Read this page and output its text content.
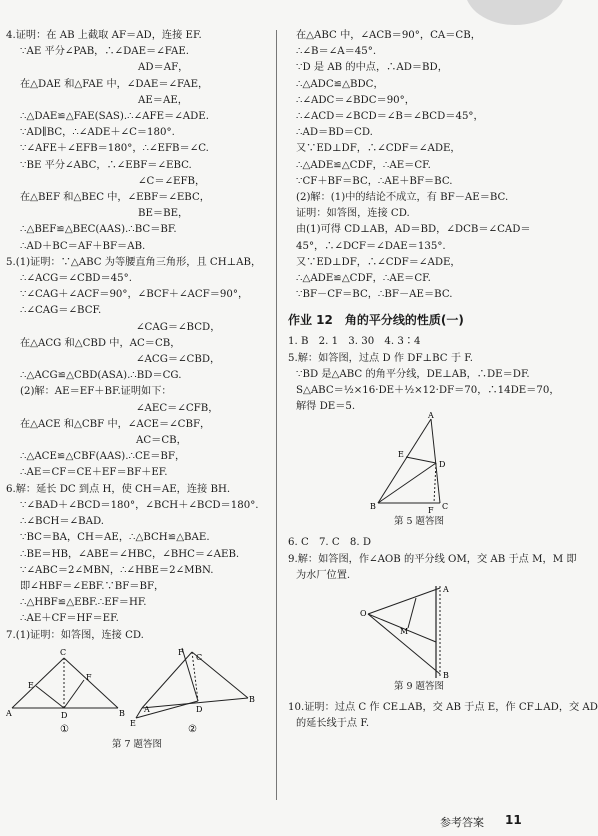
4.证明：在 AB 上截取 AF＝AD，连接 EF.
∵AE 平分∠PAB，∴∠DAE＝∠FAE.
AD＝AF，
在△DAE 和△FAE 中，∠DAE＝∠FAE，
AE＝AE，
∴△DAE≌△FAE(SAS).∴∠AFE＝∠ADE.
∵AD∥BC，∴∠ADE＋∠C＝180°.
∵∠AFE＋∠EFB＝180°，∴∠EFB＝∠C.
∵BE 平分∠ABC，∴∠EBF＝∠EBC.
∠C＝∠EFB，
在△BEF 和△BEC 中，∠EBF＝∠EBC，
BE＝BE，
∴△BEF≌△BEC(AAS).∴BC＝BF.
∴AD＋BC＝AF＋BF＝AB.
5.(1)证明：∵△ABC 为等腰直角三角形，且 CH⊥AB，
∴∠ACG＝∠CBD＝45°.
∵∠CAG＋∠ACF＝90°，∠BCF＋∠ACF＝90°，
∴∠CAG＝∠BCF.
∠CAG＝∠BCD，
在△ACG 和△CBD 中，AC＝CB，
∠ACG＝∠CBD，
∴△ACG≌△CBD(ASA).∴BD＝CG.
(2)解：AE＝EF＋BF.证明如下：
∠AEC＝∠CFB，
在△ACE 和△CBF 中，∠ACE＝∠CBF，
AC＝CB，
∴△ACE≌△CBF(AAS).∴CE＝BF，
∴AE＝CF＝CE＋EF＝BF＋EF.
6.解：延长 DC 到点 H，使 CH＝AE，连接 BH.
∵∠BAD＋∠BCD＝180°，∠BCH＋∠BCD＝180°.
∴∠BCH＝∠BAD.
∵BC＝BA，CH＝AE，∴△BCH≌△BAE.
∴BE＝HB，∠ABE＝∠HBC，∠BHC＝∠AEB.
∵∠ABC＝2∠MBN，∴∠HBE＝2∠MBN.
即∠HBF＝∠EBF.∵BF＝BF，
∴△HBF≌△EBF.∴EF＝HF.
∴AE＋CF＝HF＝EF.
7.(1)证明：如答图，连接 CD.
C
A	B
E
F
D
①
F
C
A
B
E
D
②
第 7 题答图
在△ABC 中，∠ACB＝90°，CA＝CB，
∴∠B＝∠A＝45°.
∵D 是 AB 的中点，∴AD＝BD，
∴△ADC≌△BDC，
∴∠ADC＝∠BDC＝90°，
∴∠ACD＝∠BCD＝∠B＝∠BCD＝45°，
∴AD＝BD＝CD.
又∵ED⊥DF，∴∠CDF＝∠ADE，
∴△ADE≌△CDF，∴AE＝CF.
∵CF＋BF＝BC，∴AE＋BF＝BC.
(2)解：(1)中的结论不成立，有 BF－AE＝BC.
证明：如答图，连接 CD.
由(1)可得 CD⊥AB，AD＝BD，∠DCB＝∠CAD＝
45°，∴∠DCF＝∠DAE＝135°.
又∵ED⊥DF，∴∠CDF＝∠ADE，
∴△ADE≌△CDF，∴AE＝CF.
∵BF－CF＝BC，∴BF－AE＝BC.
作业 12　角的平分线的性质(一)
1. B　2. 1　3. 30　4. 3∶4
5.解：如答图，过点 D 作 DF⊥BC 于 F.
∵BD 是△ABC 的角平分线，DE⊥AB，∴DE＝DF.
S△ABC＝½×16·DE＋½×12·DF＝70，∴14DE＝70，
解得 DE＝5.
A
B	C
D
E
F
第 5 题答图
6. C　7. C　8. D
9.解：如答图，作∠AOB 的平分线 OM，交 AB 于点 M，M 即
为水厂位置.
O
A
B
M
第 9 题答图
10.证明：过点 C 作 CE⊥AB，交 AB 于点 E，作 CF⊥AD，交 AD
的延长线于点 F.
参考答案 11
